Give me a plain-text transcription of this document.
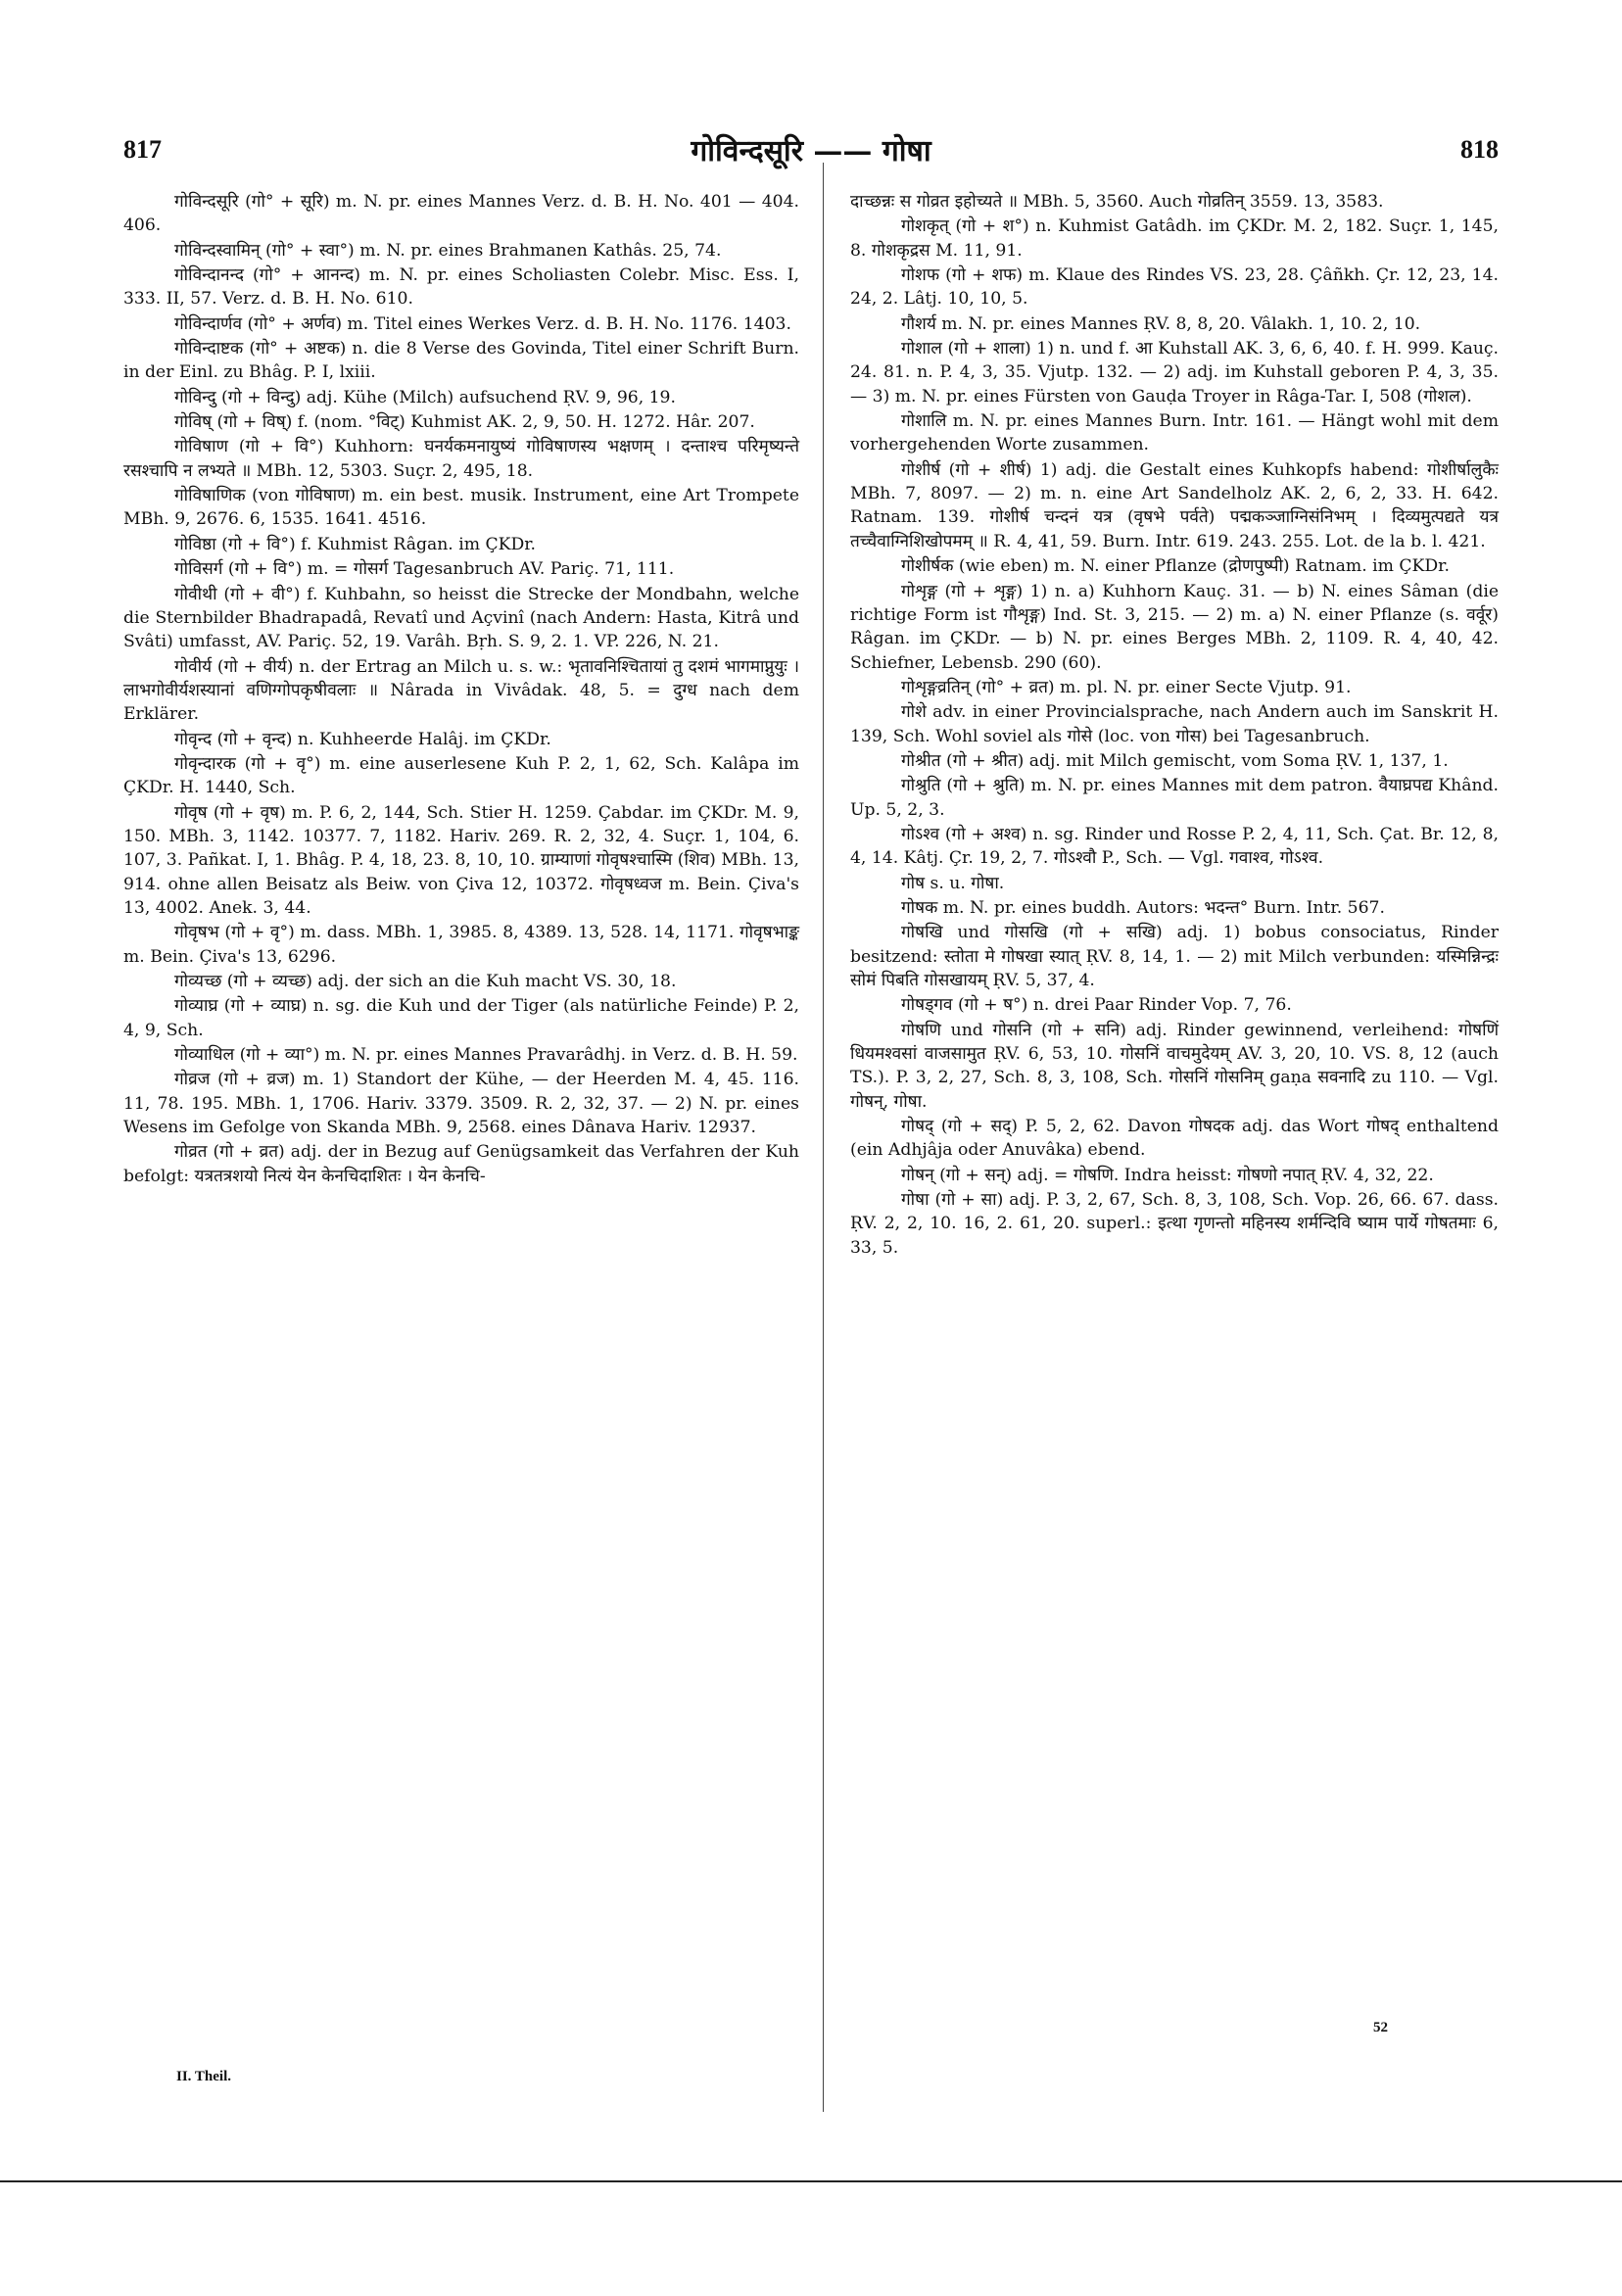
817	गोविन्दसूरि —— गोषा	818

गोविन्दसूरि (गो° + सूरि) m. N. pr. eines Mannes Verz. d. B. H. No. 401 — 404. 406.

गोविन्दस्वामिन् (गो° + स्वा°) m. N. pr. eines Brahmanen Kathâs. 25, 74.

गोविन्दानन्द (गो° + आनन्द) m. N. pr. eines Scholiasten Colebr. Misc. Ess. I, 333. II, 57. Verz. d. B. H. No. 610.

गोविन्दार्णव (गो° + अर्णव) m. Titel eines Werkes Verz. d. B. H. No. 1176. 1403.

गोविन्दाष्टक (गो° + अष्टक) n. die 8 Verse des Govinda, Titel einer Schrift Burn. in der Einl. zu Bhâg. P. I, lxiii.

गोविन्दु (गो + विन्दु) adj. Kühe (Milch) aufsuchend ṚV. 9, 96, 19.

गोविष् (गो + विष्) f. (nom. °विट्) Kuhmist AK. 2, 9, 50. H. 1272. Hâr. 207.

गोविषाण (गो + वि°) Kuhhorn: घनर्यकमनायुष्यं गोविषाणस्य भक्षणम् । दन्ताश्च परिमृष्यन्ते रसश्चापि न लभ्यते ॥ MBh. 12, 5303. Suçr. 2, 495, 18.

गोविषाणिक (von गोविषाण) m. ein best. musik. Instrument, eine Art Trompete MBh. 9, 2676. 6, 1535. 1641. 4516.

गोविष्ठा (गो + वि°) f. Kuhmist Râgan. im ÇKDr.

गोविसर्ग (गो + वि°) m. = गोसर्ग Tagesanbruch AV. Pariç. 71, 111.

गोवीथी (गो + वी°) f. Kuhbahn, so heisst die Strecke der Mondbahn, welche die Sternbilder Bhadrapadâ, Revatî und Açvinî (nach Andern: Hasta, Kitrâ und Svâti) umfasst, AV. Pariç. 52, 19. Varâh. Bṛh. S. 9, 2. 1. VP. 226, N. 21.

गोवीर्य (गो + वीर्य) n. der Ertrag an Milch u. s. w.: भृतावनिश्चितायां तु दशमं भागमाप्नुयुः । लाभगोवीर्यशस्यानां वणिग्गोपकृषीवलाः ॥ Nârada in Vivâdak. 48, 5. = दुग्ध nach dem Erklärer.

गोवृन्द (गो + वृन्द) n. Kuhheerde Halâj. im ÇKDr.

गोवृन्दारक (गो + वृ°) m. eine auserlesene Kuh P. 2, 1, 62, Sch. Kalâpa im ÇKDr. H. 1440, Sch.

गोवृष (गो + वृष) m. P. 6, 2, 144, Sch. Stier H. 1259. Çabdar. im ÇKDr. M. 9, 150. MBh. 3, 1142. 10377. 7, 1182. Hariv. 269. R. 2, 32, 4. Suçr. 1, 104, 6. 107, 3. Pañkat. I, 1. Bhâg. P. 4, 18, 23. 8, 10, 10. ग्राम्याणां गोवृषश्चास्मि (शिव) MBh. 13, 914. ohne allen Beisatz als Beiw. von Çiva 12, 10372. गोवृषध्वज m. Bein. Çiva's 13, 4002. Anek. 3, 44.

गोवृषभ (गो + वृ°) m. dass. MBh. 1, 3985. 8, 4389. 13, 528. 14, 1171. गोवृषभाङ्क m. Bein. Çiva's 13, 6296.

गोव्यच्छ (गो + व्यच्छ) adj. der sich an die Kuh macht VS. 30, 18.

गोव्याघ्र (गो + व्याघ्र) n. sg. die Kuh und der Tiger (als natürliche Feinde) P. 2, 4, 9, Sch.

गोव्याधिल (गो + व्या°) m. N. pr. eines Mannes Pravarâdhj. in Verz. d. B. H. 59.

गोव्रज (गो + व्रज) m. 1) Standort der Kühe, — der Heerden M. 4, 45. 116. 11, 78. 195. MBh. 1, 1706. Hariv. 3379. 3509. R. 2, 32, 37. — 2) N. pr. eines Wesens im Gefolge von Skanda MBh. 9, 2568. eines Dânava Hariv. 12937.

गोव्रत (गो + व्रत) adj. der in Bezug auf Genügsamkeit das Verfahren der Kuh befolgt: यत्रतत्रशयो नित्यं येन केनचिदाशितः । येन केनचि-

दाच्छन्नः स गोव्रत इहोच्यते ॥ MBh. 5, 3560. Auch गोव्रतिन् 3559. 13, 3583.

गोशकृत् (गो + श°) n. Kuhmist Gatâdh. im ÇKDr. M. 2, 182. Suçr. 1, 145, 8. गोशकृद्रस M. 11, 91.

गोशफ (गो + शफ) m. Klaue des Rindes VS. 23, 28. Çâñkh. Çr. 12, 23, 14. 24, 2. Lâtj. 10, 10, 5.

गौशर्य m. N. pr. eines Mannes ṚV. 8, 8, 20. Vâlakh. 1, 10. 2, 10.

गोशाल (गो + शाला) 1) n. und f. आ Kuhstall AK. 3, 6, 6, 40. f. H. 999. Kauç. 24. 81. n. P. 4, 3, 35. Vjutp. 132. — 2) adj. im Kuhstall geboren P. 4, 3, 35. — 3) m. N. pr. eines Fürsten von Gauḍa Troyer in Râga-Tar. I, 508 (गोशल).

गोशालि m. N. pr. eines Mannes Burn. Intr. 161. — Hängt wohl mit dem vorhergehenden Worte zusammen.

गोशीर्ष (गो + शीर्ष) 1) adj. die Gestalt eines Kuhkopfs habend: गोशीर्षालुकैः MBh. 7, 8097. — 2) m. n. eine Art Sandelholz AK. 2, 6, 2, 33. H. 642. Ratnam. 139. गोशीर्ष चन्दनं यत्र (वृषभे पर्वते) पद्मकञ्जाग्निसंनिभम् । दिव्यमुत्पद्यते यत्र तच्चैवाग्निशिखोपमम् ॥ R. 4, 41, 59. Burn. Intr. 619. 243. 255. Lot. de la b. l. 421.

गोशीर्षक (wie eben) m. N. einer Pflanze (द्रोणपुष्पी) Ratnam. im ÇKDr.

गोशृङ्ग (गो + शृङ्ग) 1) n. a) Kuhhorn Kauç. 31. — b) N. eines Sâman (die richtige Form ist गौशृङ्ग) Ind. St. 3, 215. — 2) m. a) N. einer Pflanze (s. वर्वूर) Râgan. im ÇKDr. — b) N. pr. eines Berges MBh. 2, 1109. R. 4, 40, 42. Schiefner, Lebensb. 290 (60).

गोशृङ्गव्रतिन् (गो° + व्रत) m. pl. N. pr. einer Secte Vjutp. 91.

गोशे adv. in einer Provincialsprache, nach Andern auch im Sanskrit H. 139, Sch. Wohl soviel als गोसे (loc. von गोस) bei Tagesanbruch.

गोश्रीत (गो + श्रीत) adj. mit Milch gemischt, vom Soma ṚV. 1, 137, 1.

गोश्रुति (गो + श्रुति) m. N. pr. eines Mannes mit dem patron. वैयाघ्रपद्य Khând. Up. 5, 2, 3.

गोऽश्व (गो + अश्व) n. sg. Rinder und Rosse P. 2, 4, 11, Sch. Çat. Br. 12, 8, 4, 14. Kâtj. Çr. 19, 2, 7. गोऽश्वौ P., Sch. — Vgl. गवाश्व, गोऽश्व.

गोष s. u. गोषा.

गोषक m. N. pr. eines buddh. Autors: भदन्त° Burn. Intr. 567.

गोषखि und गोसखि (गो + सखि) adj. 1) bobus consociatus, Rinder besitzend: स्तोता मे गोषखा स्यात् ṚV. 8, 14, 1. — 2) mit Milch verbunden: यस्मिन्निन्द्रः सोमं पिबति गोसखायम् ṚV. 5, 37, 4.

गोषड्गव (गो + ष°) n. drei Paar Rinder Vop. 7, 76.

गोषणि und गोसनि (गो + सनि) adj. Rinder gewinnend, verleihend: गोषणिं धियमश्वसां वाजसामुत ṚV. 6, 53, 10. गोसनिं वाचमुदेयम् AV. 3, 20, 10. VS. 8, 12 (auch TS.). P. 3, 2, 27, Sch. 8, 3, 108, Sch. गोसनिं गोसनिम् gaṇa सवनादि zu 110. — Vgl. गोषन्, गोषा.

गोषद् (गो + सद्) P. 5, 2, 62. Davon गोषदक adj. das Wort गोषद् enthaltend (ein Adhjâja oder Anuvâka) ebend.

गोषन् (गो + सन्) adj. = गोषणि. Indra heisst: गोषणो नपात् ṚV. 4, 32, 22.

गोषा (गो + सा) adj. P. 3, 2, 67, Sch. 8, 3, 108, Sch. Vop. 26, 66. 67. dass. ṚV. 2, 2, 10. 16, 2. 61, 20. superl.: इत्था गृणन्तो महिनस्य शर्मन्दिवि ष्याम पार्ये गोषतमाः 6, 33, 5.

II. Theil.
52
